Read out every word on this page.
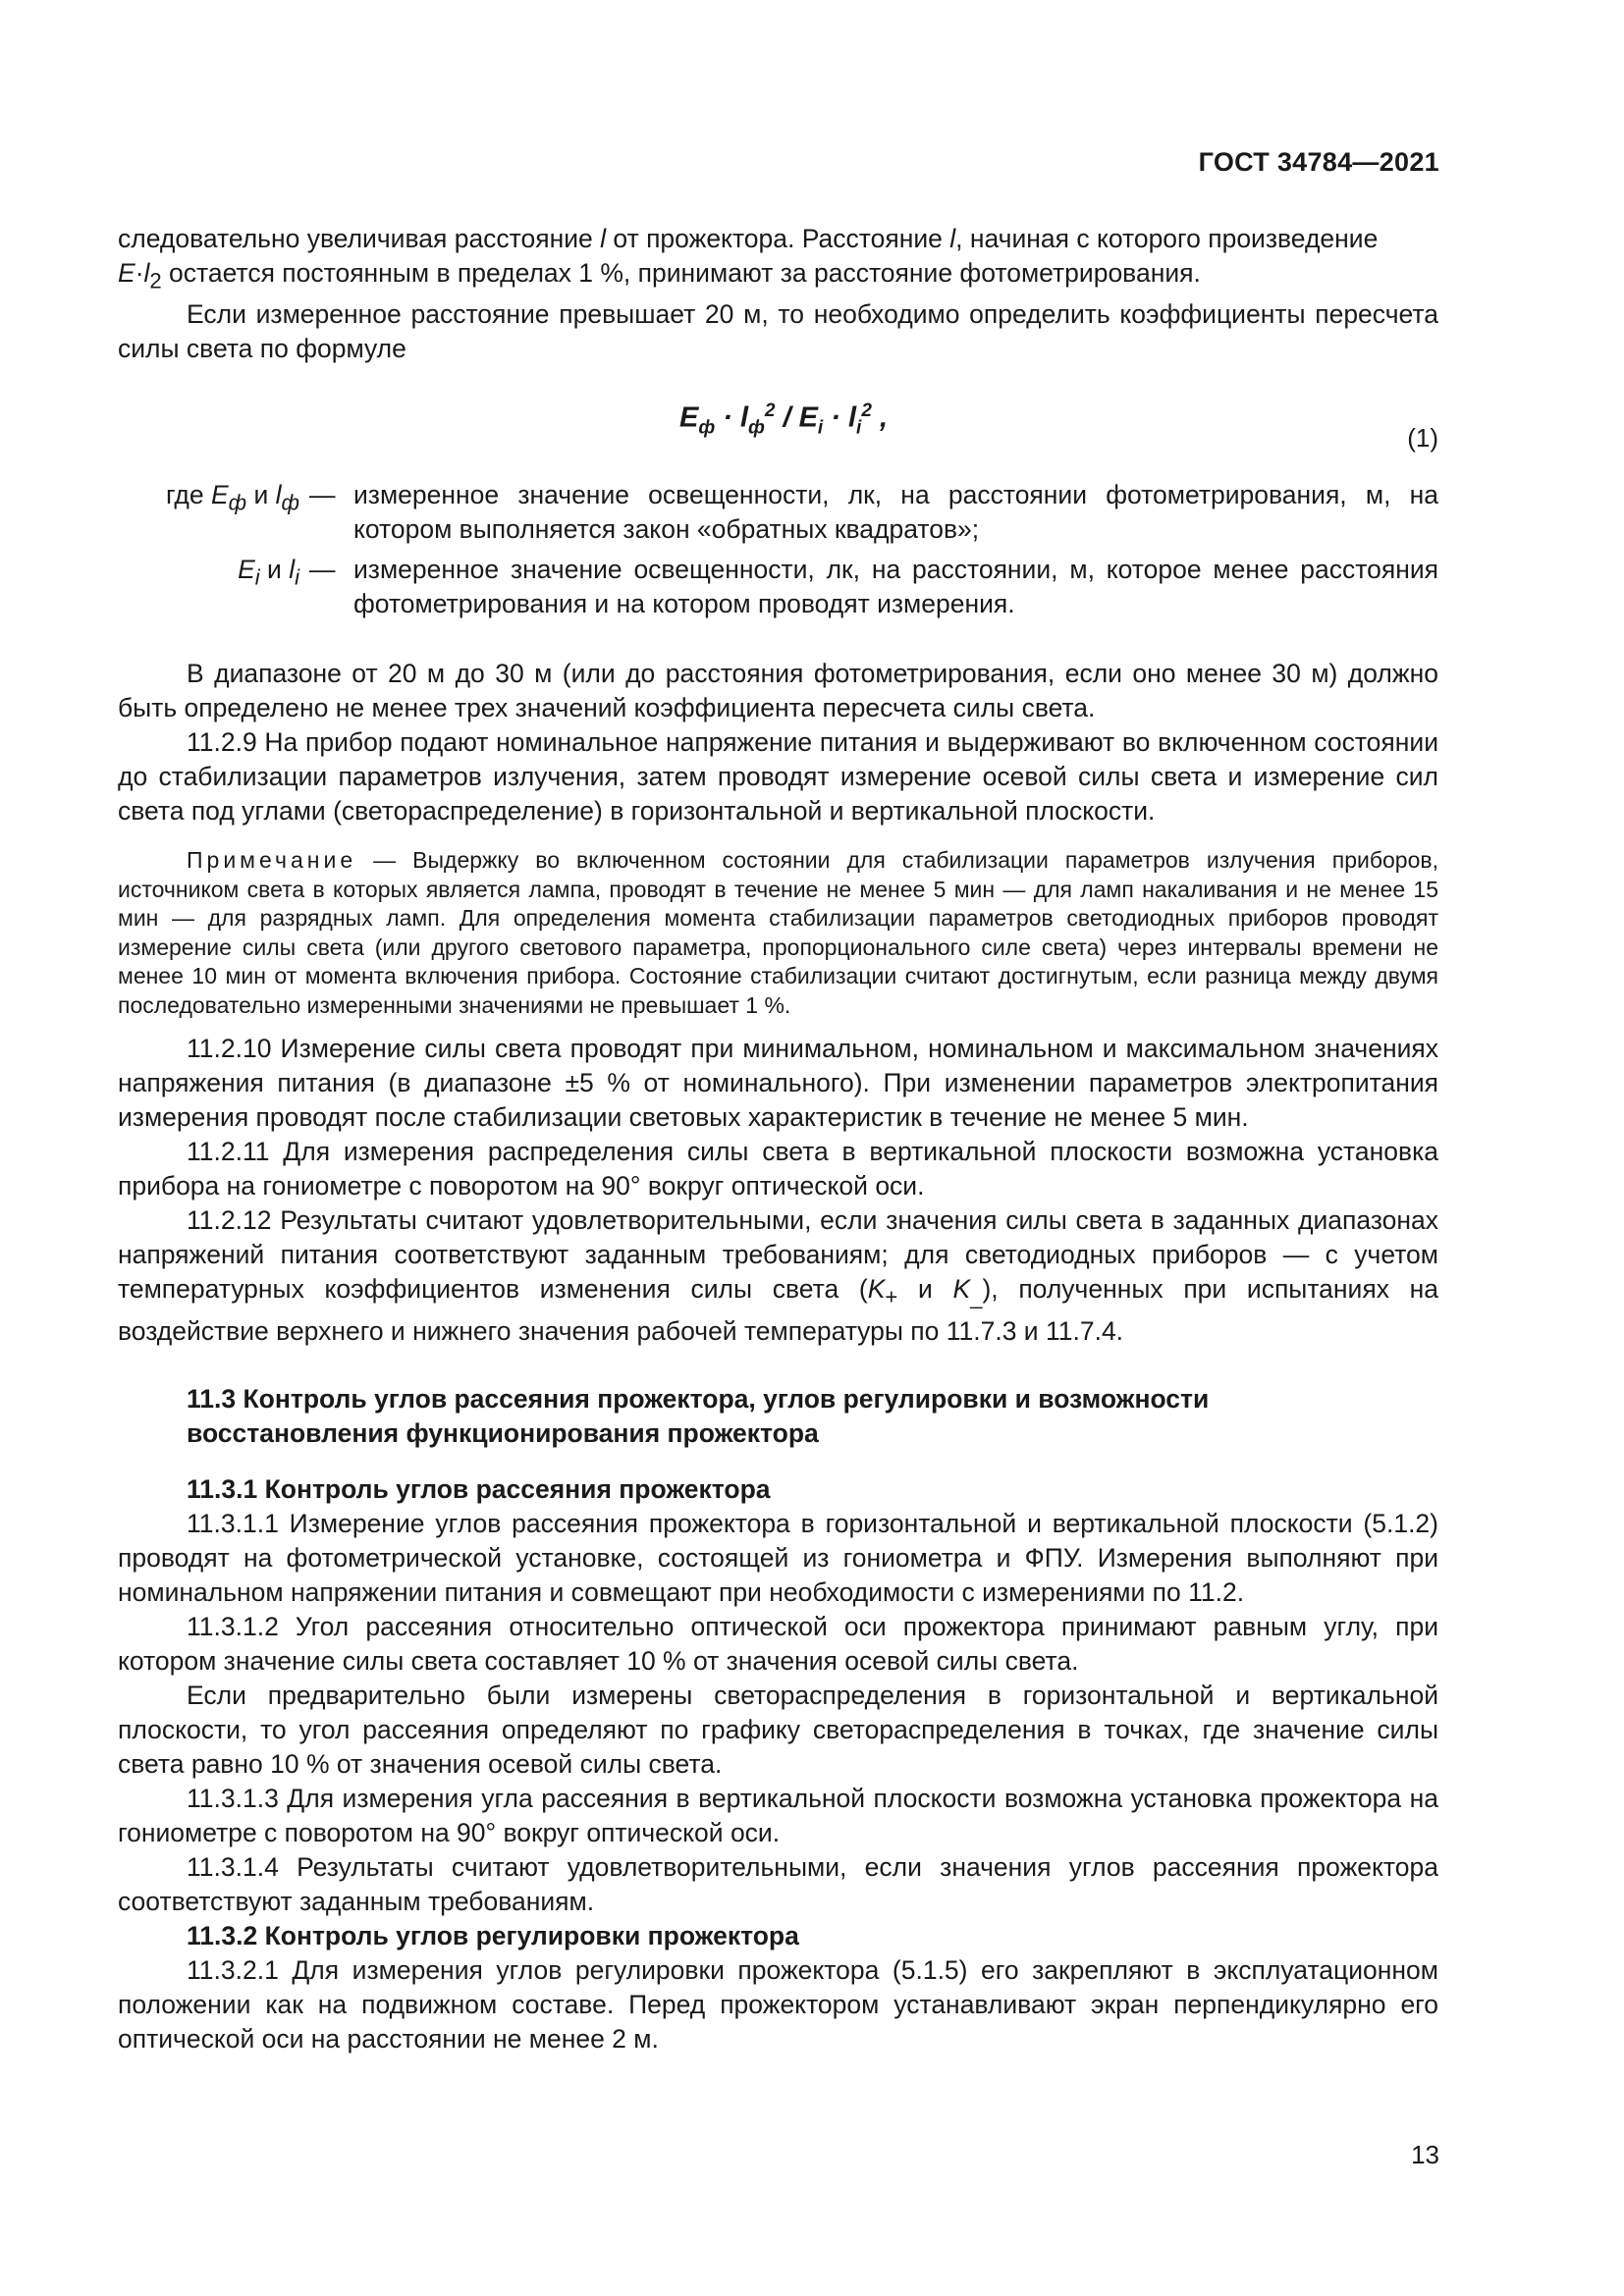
ГОСТ 34784—2021

следовательно увеличивая расстояние l от прожектора. Расстояние l, начиная с которого произведение
$E\cdot l_2$ остается постоянным в пределах 1 %, принимают за расстояние фотометрирования.

Если измеренное расстояние превышает 20 м, то необходимо определить коэффициенты пересчета силы света по формуле

$E_ф \cdot l_ф^2 / E_i \cdot l_i^2$ ,
(1)
где $E_ф$ и $l_ф$ — измеренное значение освещенности, лк, на расстоянии фотометрирования, м, на котором выполняется закон «обратных квадратов»;
$E_i$ и $l_i$ — измеренное значение освещенности, лк, на расстоянии, м, которое менее расстояния фотометрирования и на котором проводят измерения.

В диапазоне от 20 м до 30 м (или до расстояния фотометрирования, если оно менее 30 м) должно быть определено не менее трех значений коэффициента пересчета силы света.

11.2.9 На прибор подают номинальное напряжение питания и выдерживают во включенном состоянии до стабилизации параметров излучения, затем проводят измерение осевой силы света и измерение сил света под углами (светораспределение) в горизонтальной и вертикальной плоскости.

Примечание — Выдержку во включенном состоянии для стабилизации параметров излучения приборов, источником света в которых является лампа, проводят в течение не менее 5 мин — для ламп накаливания и не менее 15 мин — для разрядных ламп. Для определения момента стабилизации параметров светодиодных приборов проводят измерение силы света (или другого светового параметра, пропорционального силе света) через интервалы времени не менее 10 мин от момента включения прибора. Состояние стабилизации считают достигнутым, если разница между двумя последовательно измеренными значениями не превышает 1 %.

11.2.10 Измерение силы света проводят при минимальном, номинальном и максимальном значениях напряжения питания (в диапазоне ±5 % от номинального). При изменении параметров электропитания измерения проводят после стабилизации световых характеристик в течение не менее 5 мин.

11.2.11 Для измерения распределения силы света в вертикальной плоскости возможна установка прибора на гониометре с поворотом на 90° вокруг оптической оси.

11.2.12 Результаты считают удовлетворительными, если значения силы света в заданных диапазонах напряжений питания соответствуют заданным требованиям; для светодиодных приборов — с учетом температурных коэффициентов изменения силы света ($K_+$ и $K_{\_}$), полученных при испытаниях на воздействие верхнего и нижнего значения рабочей температуры по 11.7.3 и 11.7.4.

11.3 Контроль углов рассеяния прожектора, углов регулировки и возможности
восстановления функционирования прожектора

11.3.1 Контроль углов рассеяния прожектора

11.3.1.1 Измерение углов рассеяния прожектора в горизонтальной и вертикальной плоскости (5.1.2) проводят на фотометрической установке, состоящей из гониометра и ФПУ. Измерения выполняют при номинальном напряжении питания и совмещают при необходимости с измерениями по 11.2.

11.3.1.2 Угол рассеяния относительно оптической оси прожектора принимают равным углу, при котором значение силы света составляет 10 % от значения осевой силы света.

Если предварительно были измерены светораспределения в горизонтальной и вертикальной плоскости, то угол рассеяния определяют по графику светораспределения в точках, где значение силы света равно 10 % от значения осевой силы света.

11.3.1.3 Для измерения угла рассеяния в вертикальной плоскости возможна установка прожектора на гониометре с поворотом на 90° вокруг оптической оси.

11.3.1.4 Результаты считают удовлетворительными, если значения углов рассеяния прожектора соответствуют заданным требованиям.

11.3.2 Контроль углов регулировки прожектора

11.3.2.1 Для измерения углов регулировки прожектора (5.1.5) его закрепляют в эксплуатационном положении как на подвижном составе. Перед прожектором устанавливают экран перпендикулярно его оптической оси на расстоянии не менее 2 м.

13
